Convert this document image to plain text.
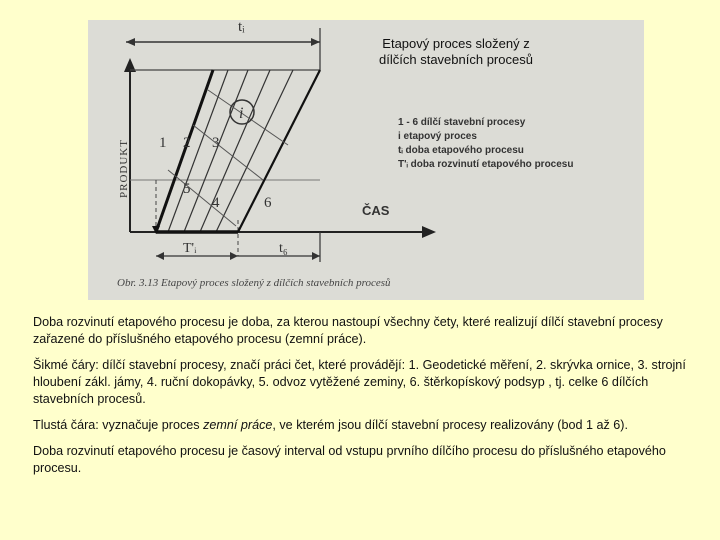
tᵢ
1 2 3
5
4	6
i
PRODUKT
ČAS
T'ᵢ	t₆
1 - 6 dílčí stavební procesy
i etapový proces
tᵢ doba etapového procesu
T'ᵢ doba rozvinutí etapového procesu
Obr. 3.13 Etapový proces složený z dílčích stavebních procesů
Etapový proces složený z dílčích stavebních procesů

Doba rozvinutí etapového procesu je doba, za kterou nastoupí všechny čety, které realizují dílčí stavební procesy zařazené do příslušného etapového procesu (zemní práce).

Šikmé čáry: dílčí stavební procesy, značí práci čet, které provádějí: 1. Geodetické měření, 2. skrývka ornice, 3. strojní hloubení zákl. jámy, 4. ruční dokopávky, 5. odvoz vytěžené zeminy, 6. štěrkopískový podsyp , tj. celke 6 dílčích stavebních procesů.

Tlustá čára: vyznačuje proces zemní práce, ve kterém jsou dílčí stavební procesy realizovány (bod 1 až 6).

Doba rozvinutí etapového procesu je časový interval od vstupu prvního dílčího procesu do příslušného etapového procesu.
